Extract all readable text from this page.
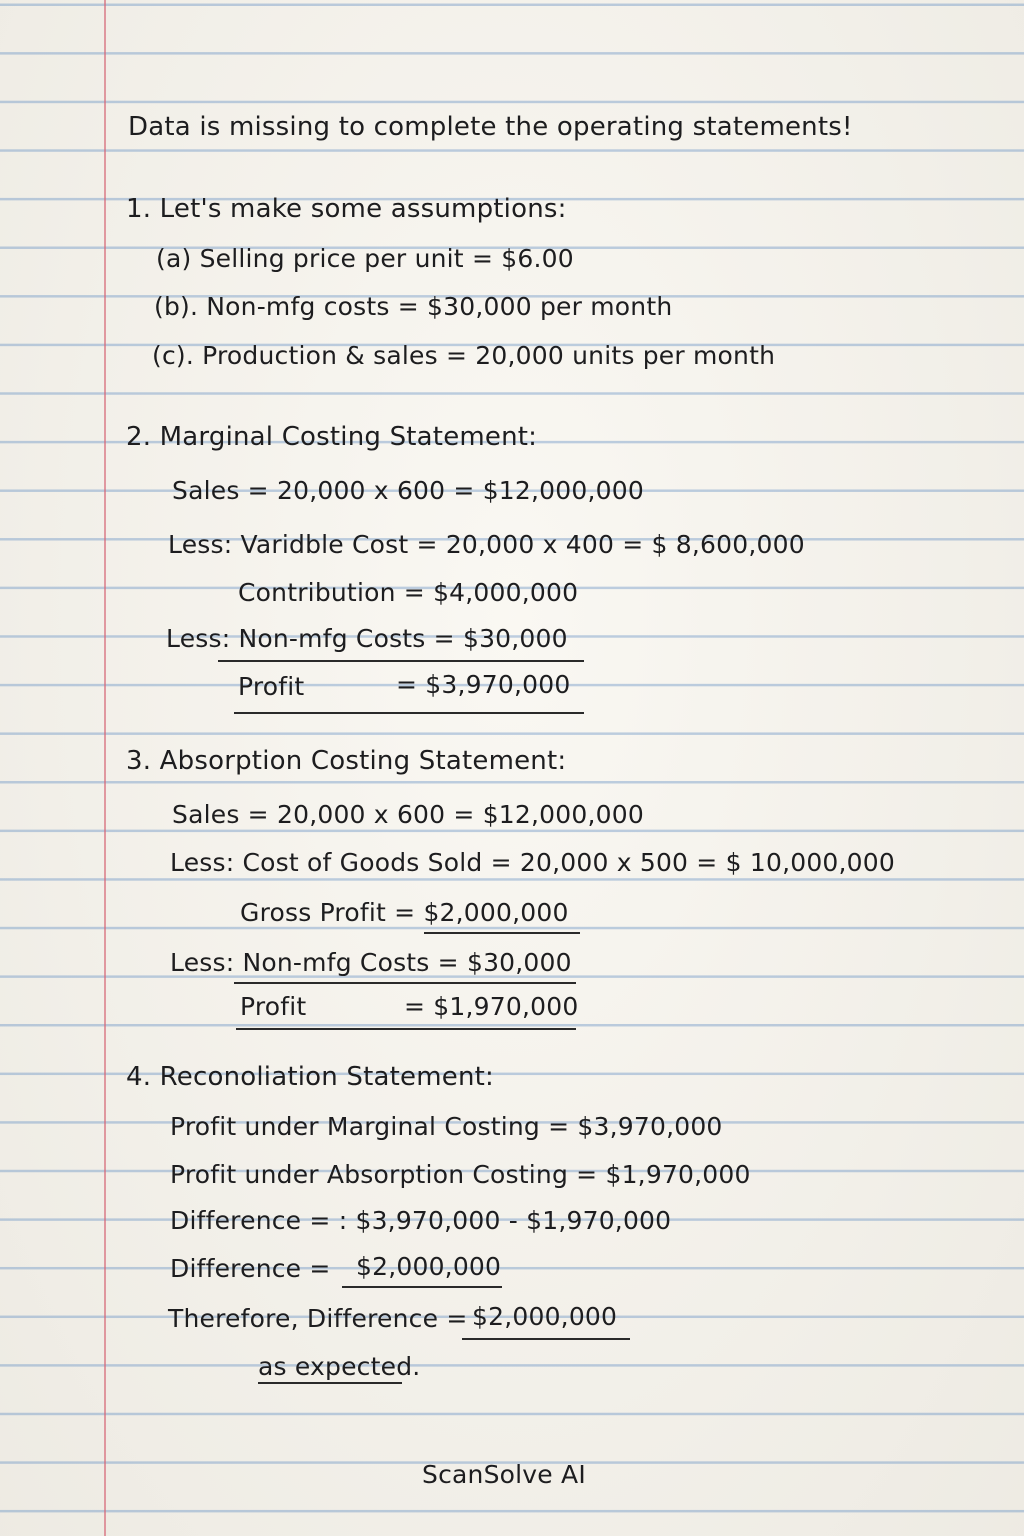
Data is missing to complete the operating statements!
1. Let's make some assumptions:
(a) Selling price per unit = $6.00
(b). Non-mfg costs = $30,000 per month
(c). Production & sales = 20,000 units per month
2. Marginal Costing Statement:
Sales = 20,000 x 600 = $12,000,000
Less: Varidble Cost = 20,000 x 400 = $ 8,600,000
Contribution = $4,000,000
Less: Non-mfg Costs = $30,000
Profit	= $3,970,000
3. Absorption Costing Statement:
Sales = 20,000 x 600 = $12,000,000
Less: Cost of Goods Sold = 20,000 x 500 = $ 10,000,000
Gross Profit = $2,000,000
Less: Non-mfg Costs = $30,000
Profit	= $1,970,000
4. Reconoliation Statement:
Profit under Marginal Costing = $3,970,000
Profit under Absorption Costing = $1,970,000
Difference = : $3,970,000 - $1,970,000
Difference = $2,000,000
Therefore, Difference = $2,000,000
as expected.
ScanSolve AI
